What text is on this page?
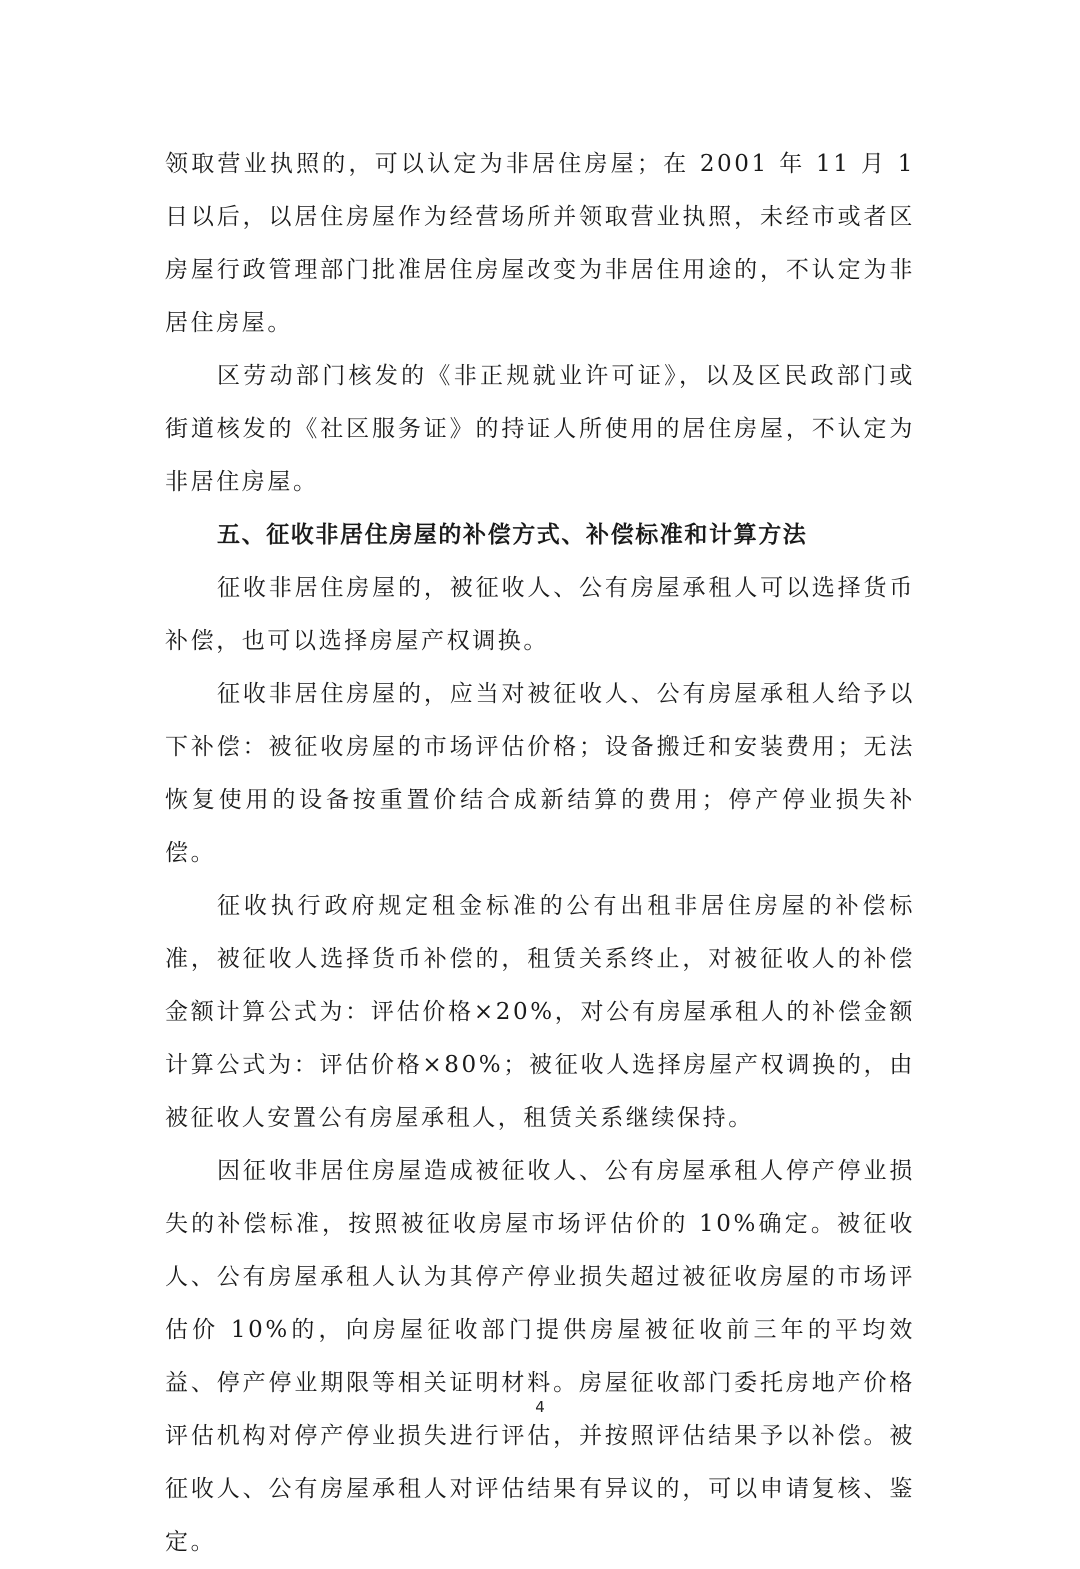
领取营业执照的，可以认定为非居住房屋；在 2001 年 11 月 1 日以后，以居住房屋作为经营场所并领取营业执照，未经市或者区房屋行政管理部门批准居住房屋改变为非居住用途的，不认定为非居住房屋。

区劳动部门核发的《非正规就业许可证》，以及区民政部门或街道核发的《社区服务证》的持证人所使用的居住房屋，不认定为非居住房屋。

五、征收非居住房屋的补偿方式、补偿标准和计算方法

征收非居住房屋的，被征收人、公有房屋承租人可以选择货币补偿，也可以选择房屋产权调换。

征收非居住房屋的，应当对被征收人、公有房屋承租人给予以下补偿：被征收房屋的市场评估价格；设备搬迁和安装费用；无法恢复使用的设备按重置价结合成新结算的费用；停产停业损失补偿。

征收执行政府规定租金标准的公有出租非居住房屋的补偿标准，被征收人选择货币补偿的，租赁关系终止，对被征收人的补偿金额计算公式为：评估价格×20%，对公有房屋承租人的补偿金额计算公式为：评估价格×80%；被征收人选择房屋产权调换的，由被征收人安置公有房屋承租人，租赁关系继续保持。

因征收非居住房屋造成被征收人、公有房屋承租人停产停业损失的补偿标准，按照被征收房屋市场评估价的 10%确定。被征收人、公有房屋承租人认为其停产停业损失超过被征收房屋的市场评估价 10%的，向房屋征收部门提供房屋被征收前三年的平均效益、停产停业期限等相关证明材料。房屋征收部门委托房地产价格评估机构对停产停业损失进行评估，并按照评估结果予以补偿。被征收人、公有房屋承租人对评估结果有异议的，可以申请复核、鉴定。

4
